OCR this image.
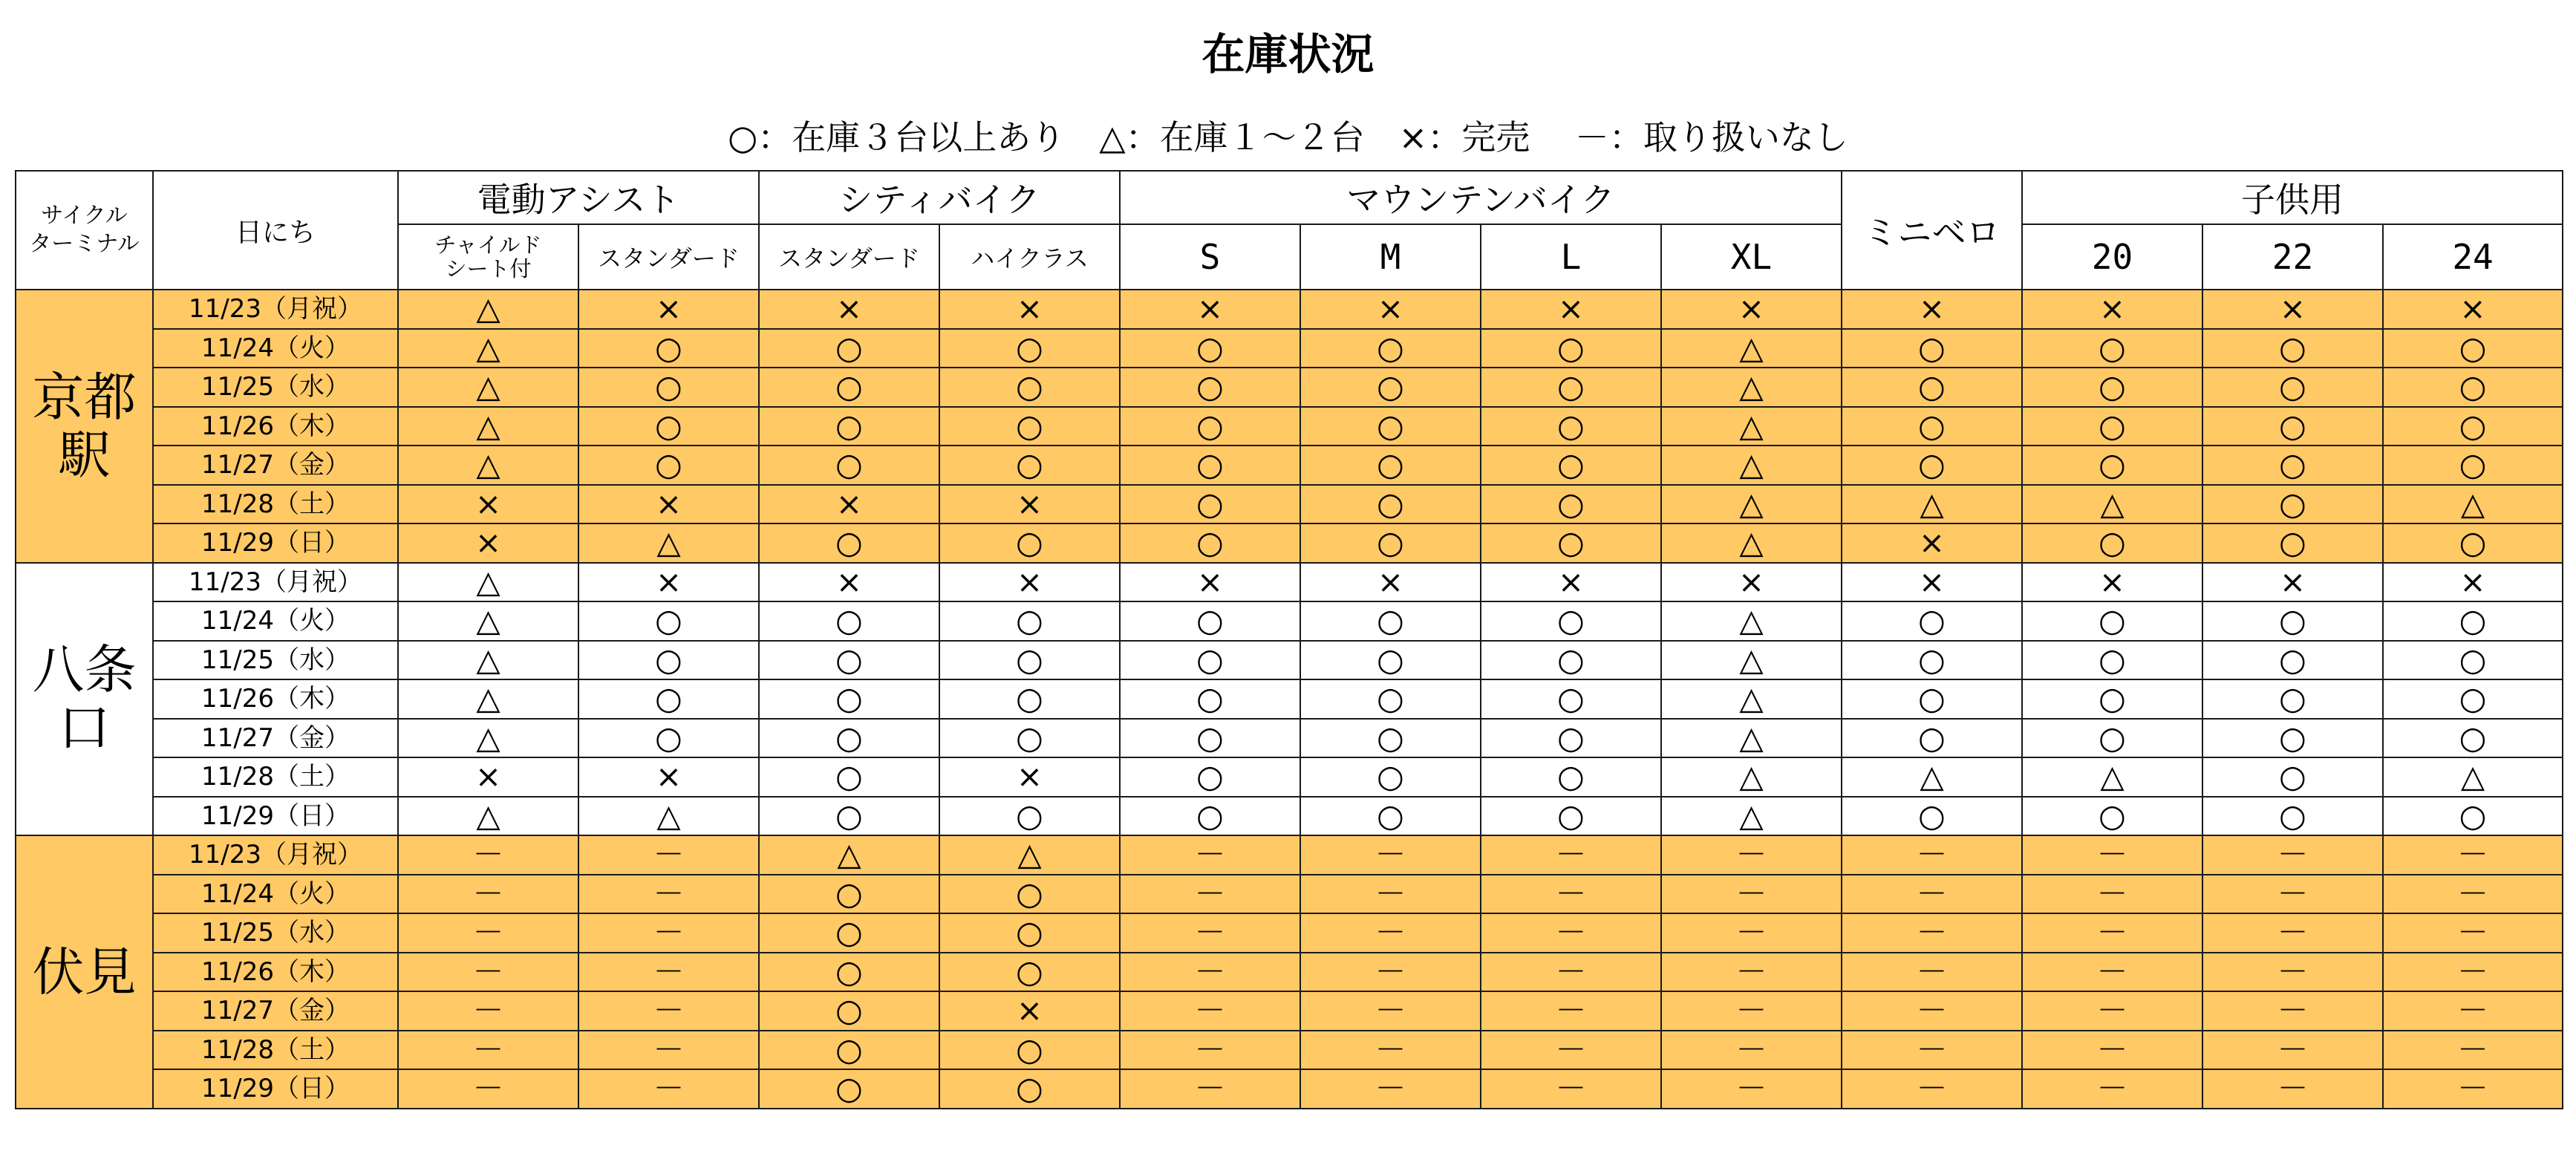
在庫状況
○：在庫３台以上あり　△：在庫１～２台　×：完売　 －：取り扱いなし
サイクル
ターミナル	日にち	電動アシスト		シティバイク		マウンテンバイク				ミニベロ	子供用		
		チャイルド
シート付	スタンダード	スタンダード	ハイクラス	S	M	L	XL		20	22	24
京都駅	11/23（月祝）	△	×	×	×	×	×	×	×	×	×	×	×
	11/24（火）	△	○	○	○	○	○	○	△	○	○	○	○
	11/25（水）	△	○	○	○	○	○	○	△	○	○	○	○
	11/26（木）	△	○	○	○	○	○	○	△	○	○	○	○
	11/27（金）	△	○	○	○	○	○	○	△	○	○	○	○
	11/28（土）	×	×	×	×	○	○	○	△	△	△	○	△
	11/29（日）	×	△	○	○	○	○	○	△	×	○	○	○
八条口	11/23（月祝）	△	×	×	×	×	×	×	×	×	×	×	×
	11/24（火）	△	○	○	○	○	○	○	△	○	○	○	○
	11/25（水）	△	○	○	○	○	○	○	△	○	○	○	○
	11/26（木）	△	○	○	○	○	○	○	△	○	○	○	○
	11/27（金）	△	○	○	○	○	○	○	△	○	○	○	○
	11/28（土）	×	×	○	×	○	○	○	△	△	△	○	△
	11/29（日）	△	△	○	○	○	○	○	△	○	○	○	○
伏見	11/23（月祝）	－	－	△	△	－	－	－	－	－	－	－	－
	11/24（火）	－	－	○	○	－	－	－	－	－	－	－	－
	11/25（水）	－	－	○	○	－	－	－	－	－	－	－	－
	11/26（木）	－	－	○	○	－	－	－	－	－	－	－	－
	11/27（金）	－	－	○	×	－	－	－	－	－	－	－	－
	11/28（土）	－	－	○	○	－	－	－	－	－	－	－	－
	11/29（日）	－	－	○	○	－	－	－	－	－	－	－	－
